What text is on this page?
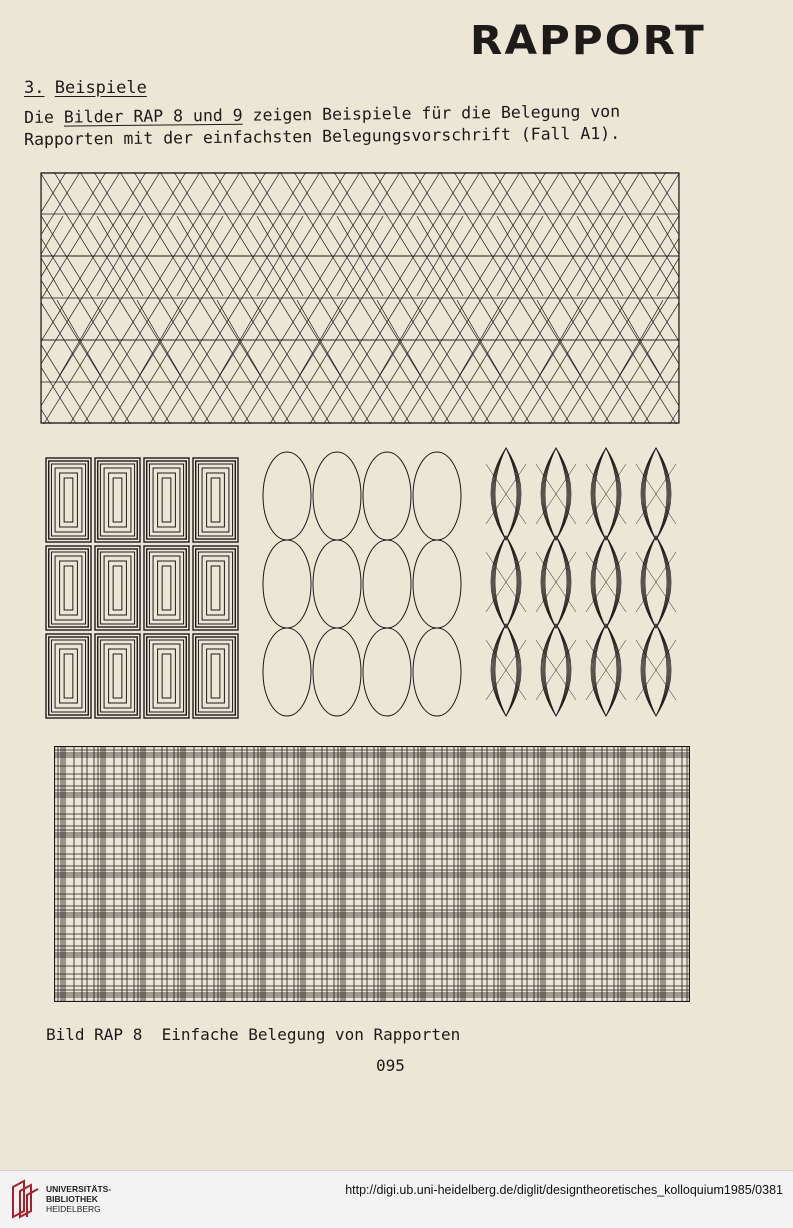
RAPPORT
3. Beispiele
Die Bilder RAP 8 und 9 zeigen Beispiele für die Belegung von
Rapporten mit der einfachsten Belegungsvorschrift (Fall A1).
Bild RAP 8  Einfache Belegung von Rapporten
095
UNIVERSITÄTS-
BIBLIOTHEK
HEIDELBERG
http://digi.ub.uni-heidelberg.de/diglit/designtheoretisches_kolloquium1985/0381
